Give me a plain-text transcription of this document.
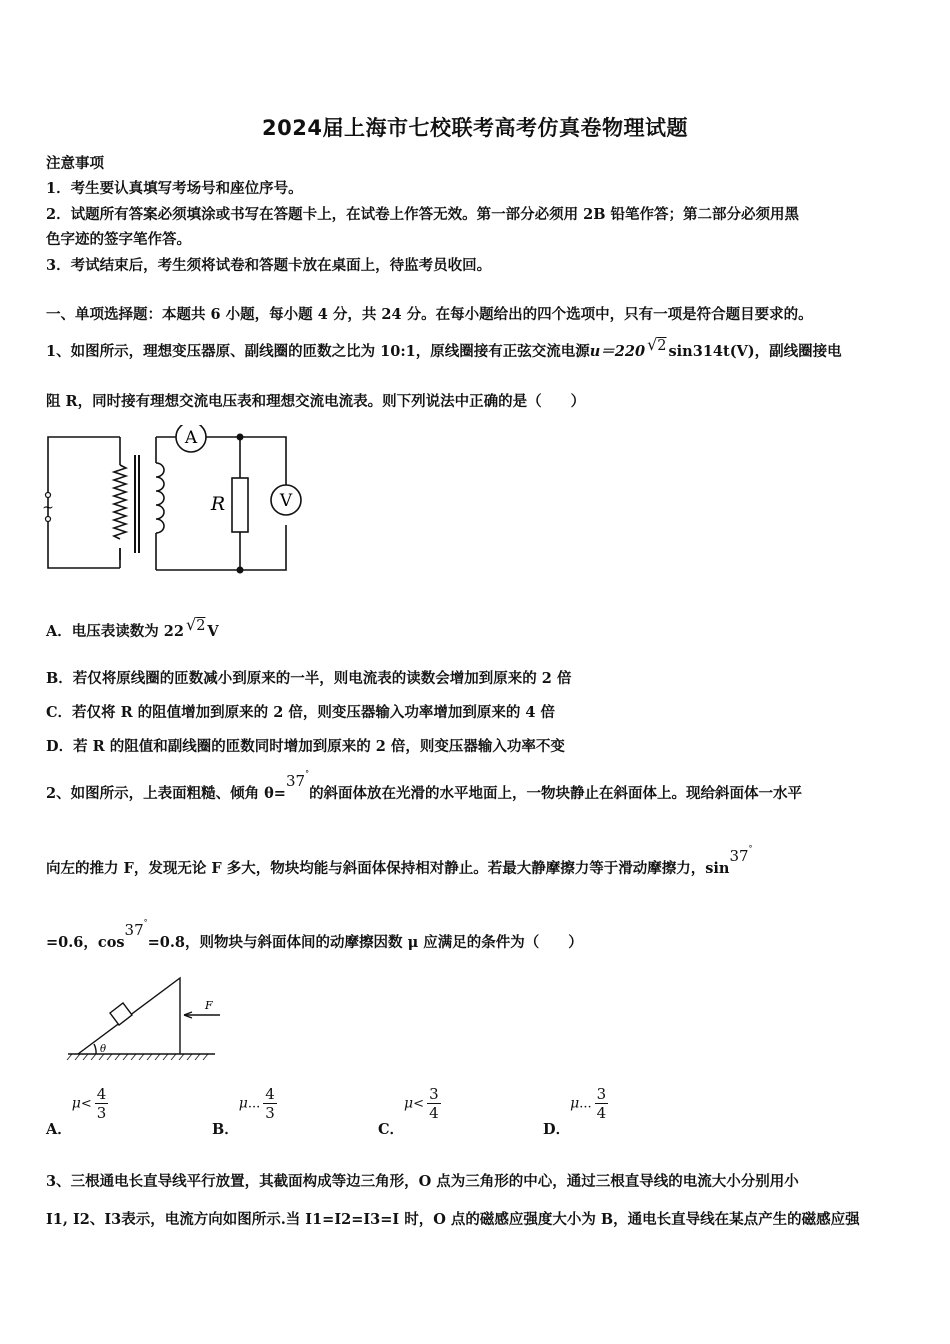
2024届上海市七校联考高考仿真卷物理试题
注意事项
1．考生要认真填写考场号和座位序号。
2．试题所有答案必须填涂或书写在答题卡上，在试卷上作答无效。第一部分必须用 2B 铅笔作答；第二部分必须用黑
色字迹的签字笔作答。
3．考试结束后，考生须将试卷和答题卡放在桌面上，待监考员收回。
一、单项选择题：本题共 6 小题，每小题 4 分，共 24 分。在每小题给出的四个选项中，只有一项是符合题目要求的。
1、如图所示，理想变压器原、副线圈的匝数之比为 10:1，原线圈接有正弦交流电源u＝220 √2 sin314t(V)，副线圈接电
阻 R，同时接有理想交流电压表和理想交流电流表。则下列说法中正确的是（　　）
A
R	V
~
A．电压表读数为 22 √2 V
B．若仅将原线圈的匝数减小到原来的一半，则电流表的读数会增加到原来的 2 倍
C．若仅将 R 的阻值增加到原来的 2 倍，则变压器输入功率增加到原来的 4 倍
D．若 R 的阻值和副线圈的匝数同时增加到原来的 2 倍，则变压器输入功率不变
2、如图所示，上表面粗糙、倾角 θ=37°的斜面体放在光滑的水平地面上，一物块静止在斜面体上。现给斜面体一水平
向左的推力 F，发现无论 F 多大，物块均能与斜面体保持相对静止。若最大静摩擦力等于滑动摩擦力，sin37°
=0.6，cos37°=0.8，则物块与斜面体间的动摩擦因数 μ 应满足的条件为（　　）
F
θ
A．$\mu< \frac{4}{3}$
B．μ... $\frac{4}{3}$
C．$\mu< \frac{3}{4}$
D．μ... $\frac{3}{4}$
3、三根通电长直导线平行放置，其截面构成等边三角形，O 点为三角形的中心，通过三根直导线的电流大小分别用小
I1, I2、I3表示，电流方向如图所示.当 I1=I2=I3=I 时，O 点的磁感应强度大小为 B，通电长直导线在某点产生的磁感应强
